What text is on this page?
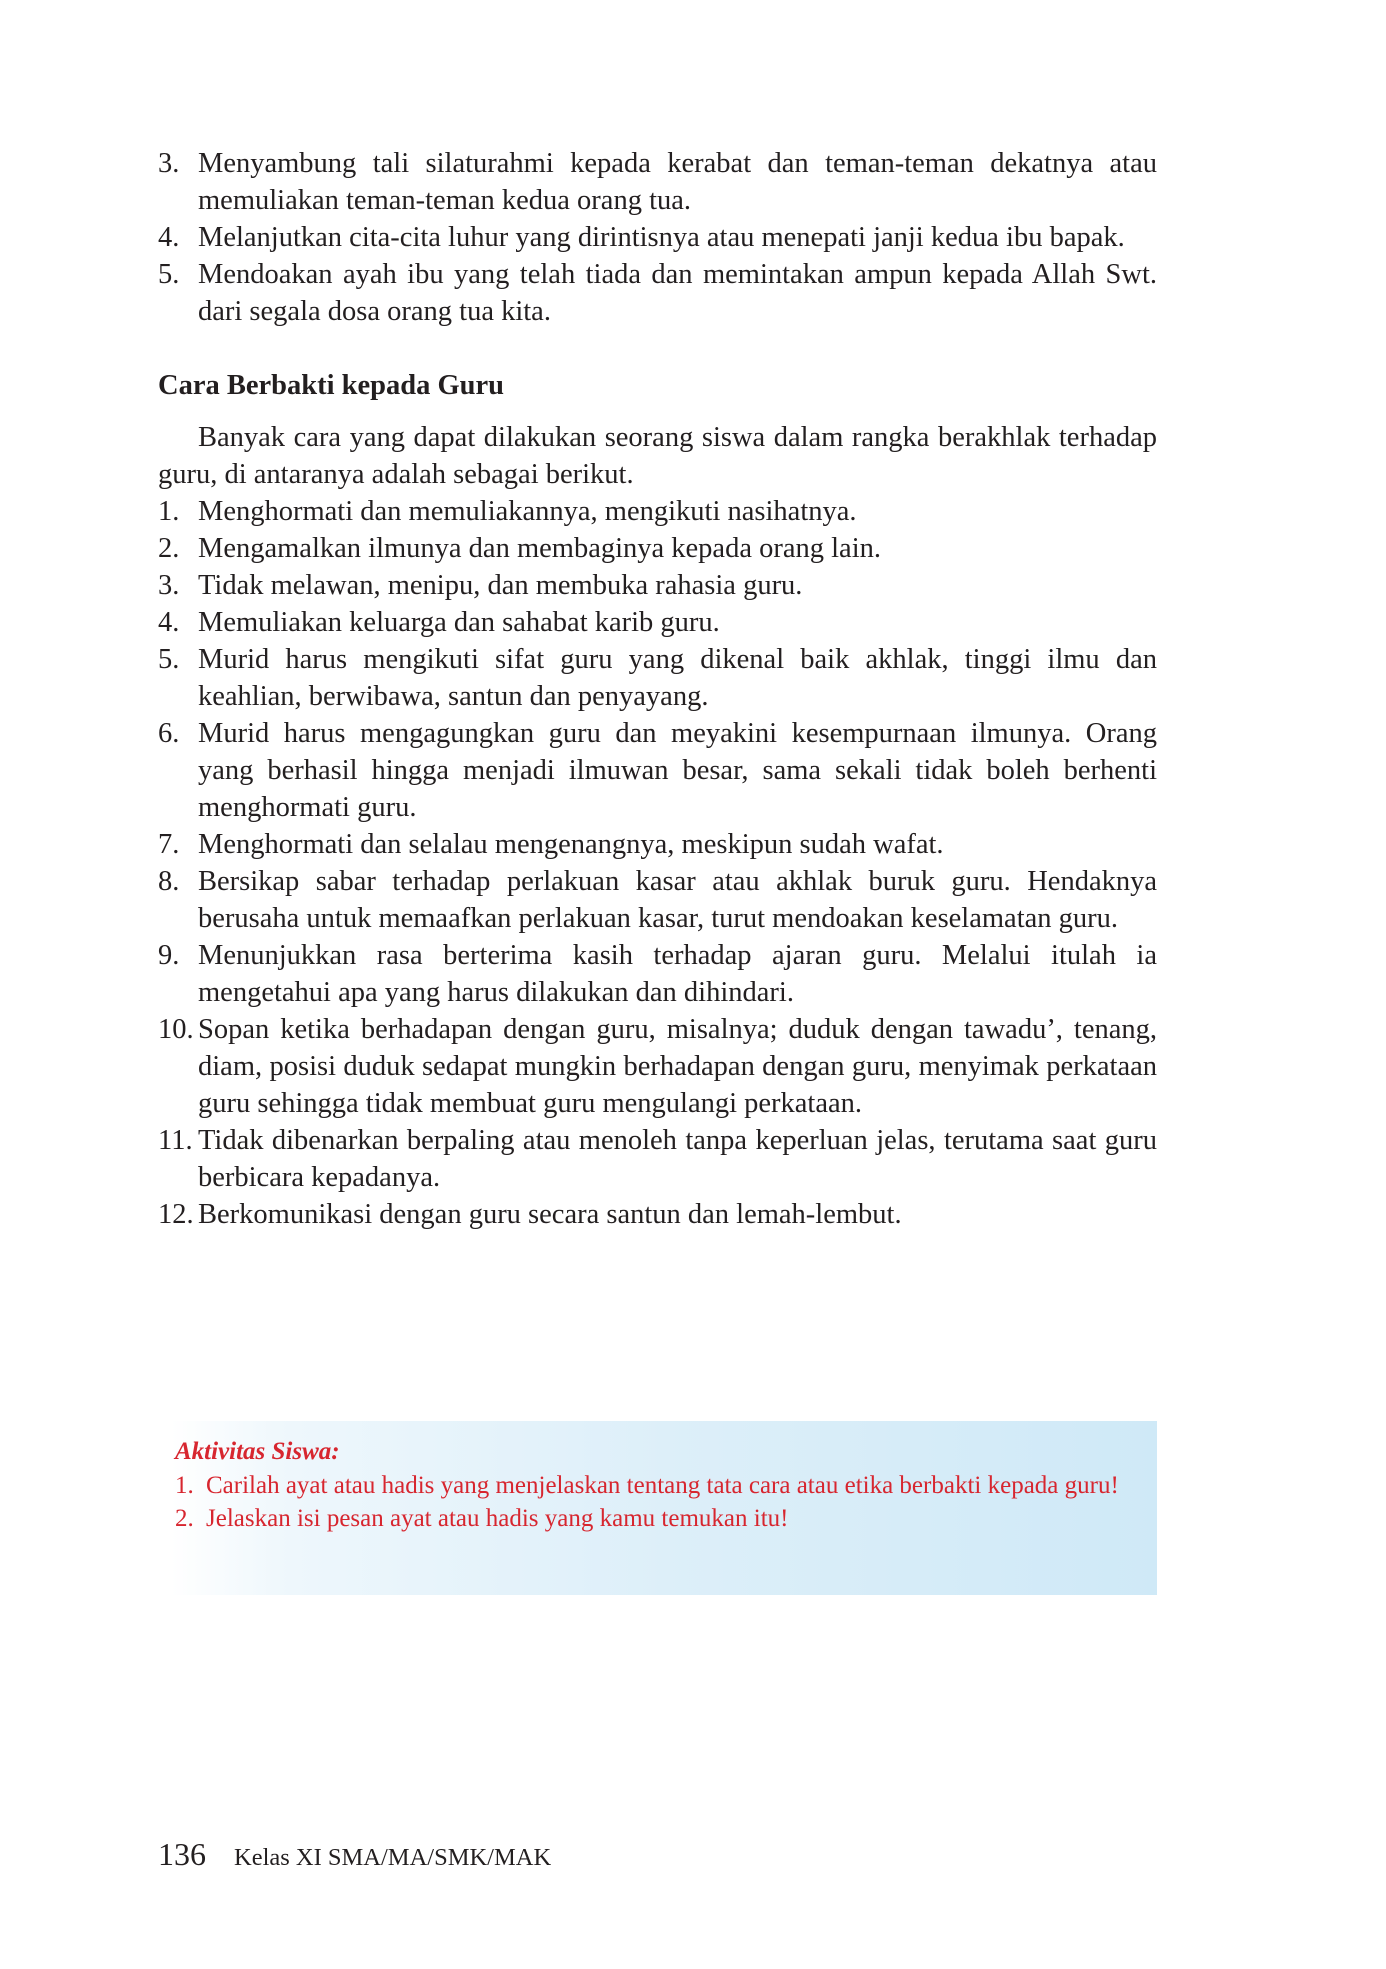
3. Menyambung tali silaturahmi kepada kerabat dan teman-teman dekatnya atau memuliakan teman-teman kedua orang tua.
4. Melanjutkan cita-cita luhur yang dirintisnya atau menepati janji kedua ibu bapak.
5. Mendoakan ayah ibu yang telah tiada dan memintakan ampun kepada Allah Swt. dari segala dosa orang tua kita.
Cara Berbakti kepada Guru

Banyak cara yang dapat dilakukan seorang siswa dalam rangka berakhlak terhadap guru, di antaranya adalah sebagai berikut.

1. Menghormati dan memuliakannya, mengikuti nasihatnya.
2. Mengamalkan ilmunya dan membaginya kepada orang lain.
3. Tidak melawan, menipu, dan membuka rahasia guru.
4. Memuliakan keluarga dan sahabat karib guru.
5. Murid harus mengikuti sifat guru yang dikenal baik akhlak, tinggi ilmu dan keahlian, berwibawa, santun dan penyayang.
6. Murid harus mengagungkan guru dan meyakini kesempurnaan ilmunya. Orang yang berhasil hingga menjadi ilmuwan besar, sama sekali tidak boleh berhenti menghormati guru.
7. Menghormati dan selalau mengenangnya, meskipun sudah wafat.
8. Bersikap sabar terhadap perlakuan kasar atau akhlak buruk guru. Hendaknya berusaha untuk memaafkan perlakuan kasar, turut mendoakan keselamatan guru.
9. Menunjukkan rasa berterima kasih terhadap ajaran guru. Melalui itulah ia mengetahui apa yang harus dilakukan dan dihindari.
10. Sopan ketika berhadapan dengan guru, misalnya; duduk dengan tawadu’, tenang, diam, posisi duduk sedapat mungkin berhadapan dengan guru, menyimak perkataan guru sehingga tidak membuat guru mengulangi perkataan.
11. Tidak dibenarkan berpaling atau menoleh tanpa keperluan jelas, terutama saat guru berbicara kepadanya.
12. Berkomunikasi dengan guru secara santun dan lemah-lembut.
Aktivitas Siswa:
1. Carilah ayat atau hadis yang menjelaskan tentang tata cara atau etika berbakti kepada guru!
2. Jelaskan isi pesan ayat atau hadis yang kamu temukan itu!
136 Kelas XI SMA/MA/SMK/MAK
